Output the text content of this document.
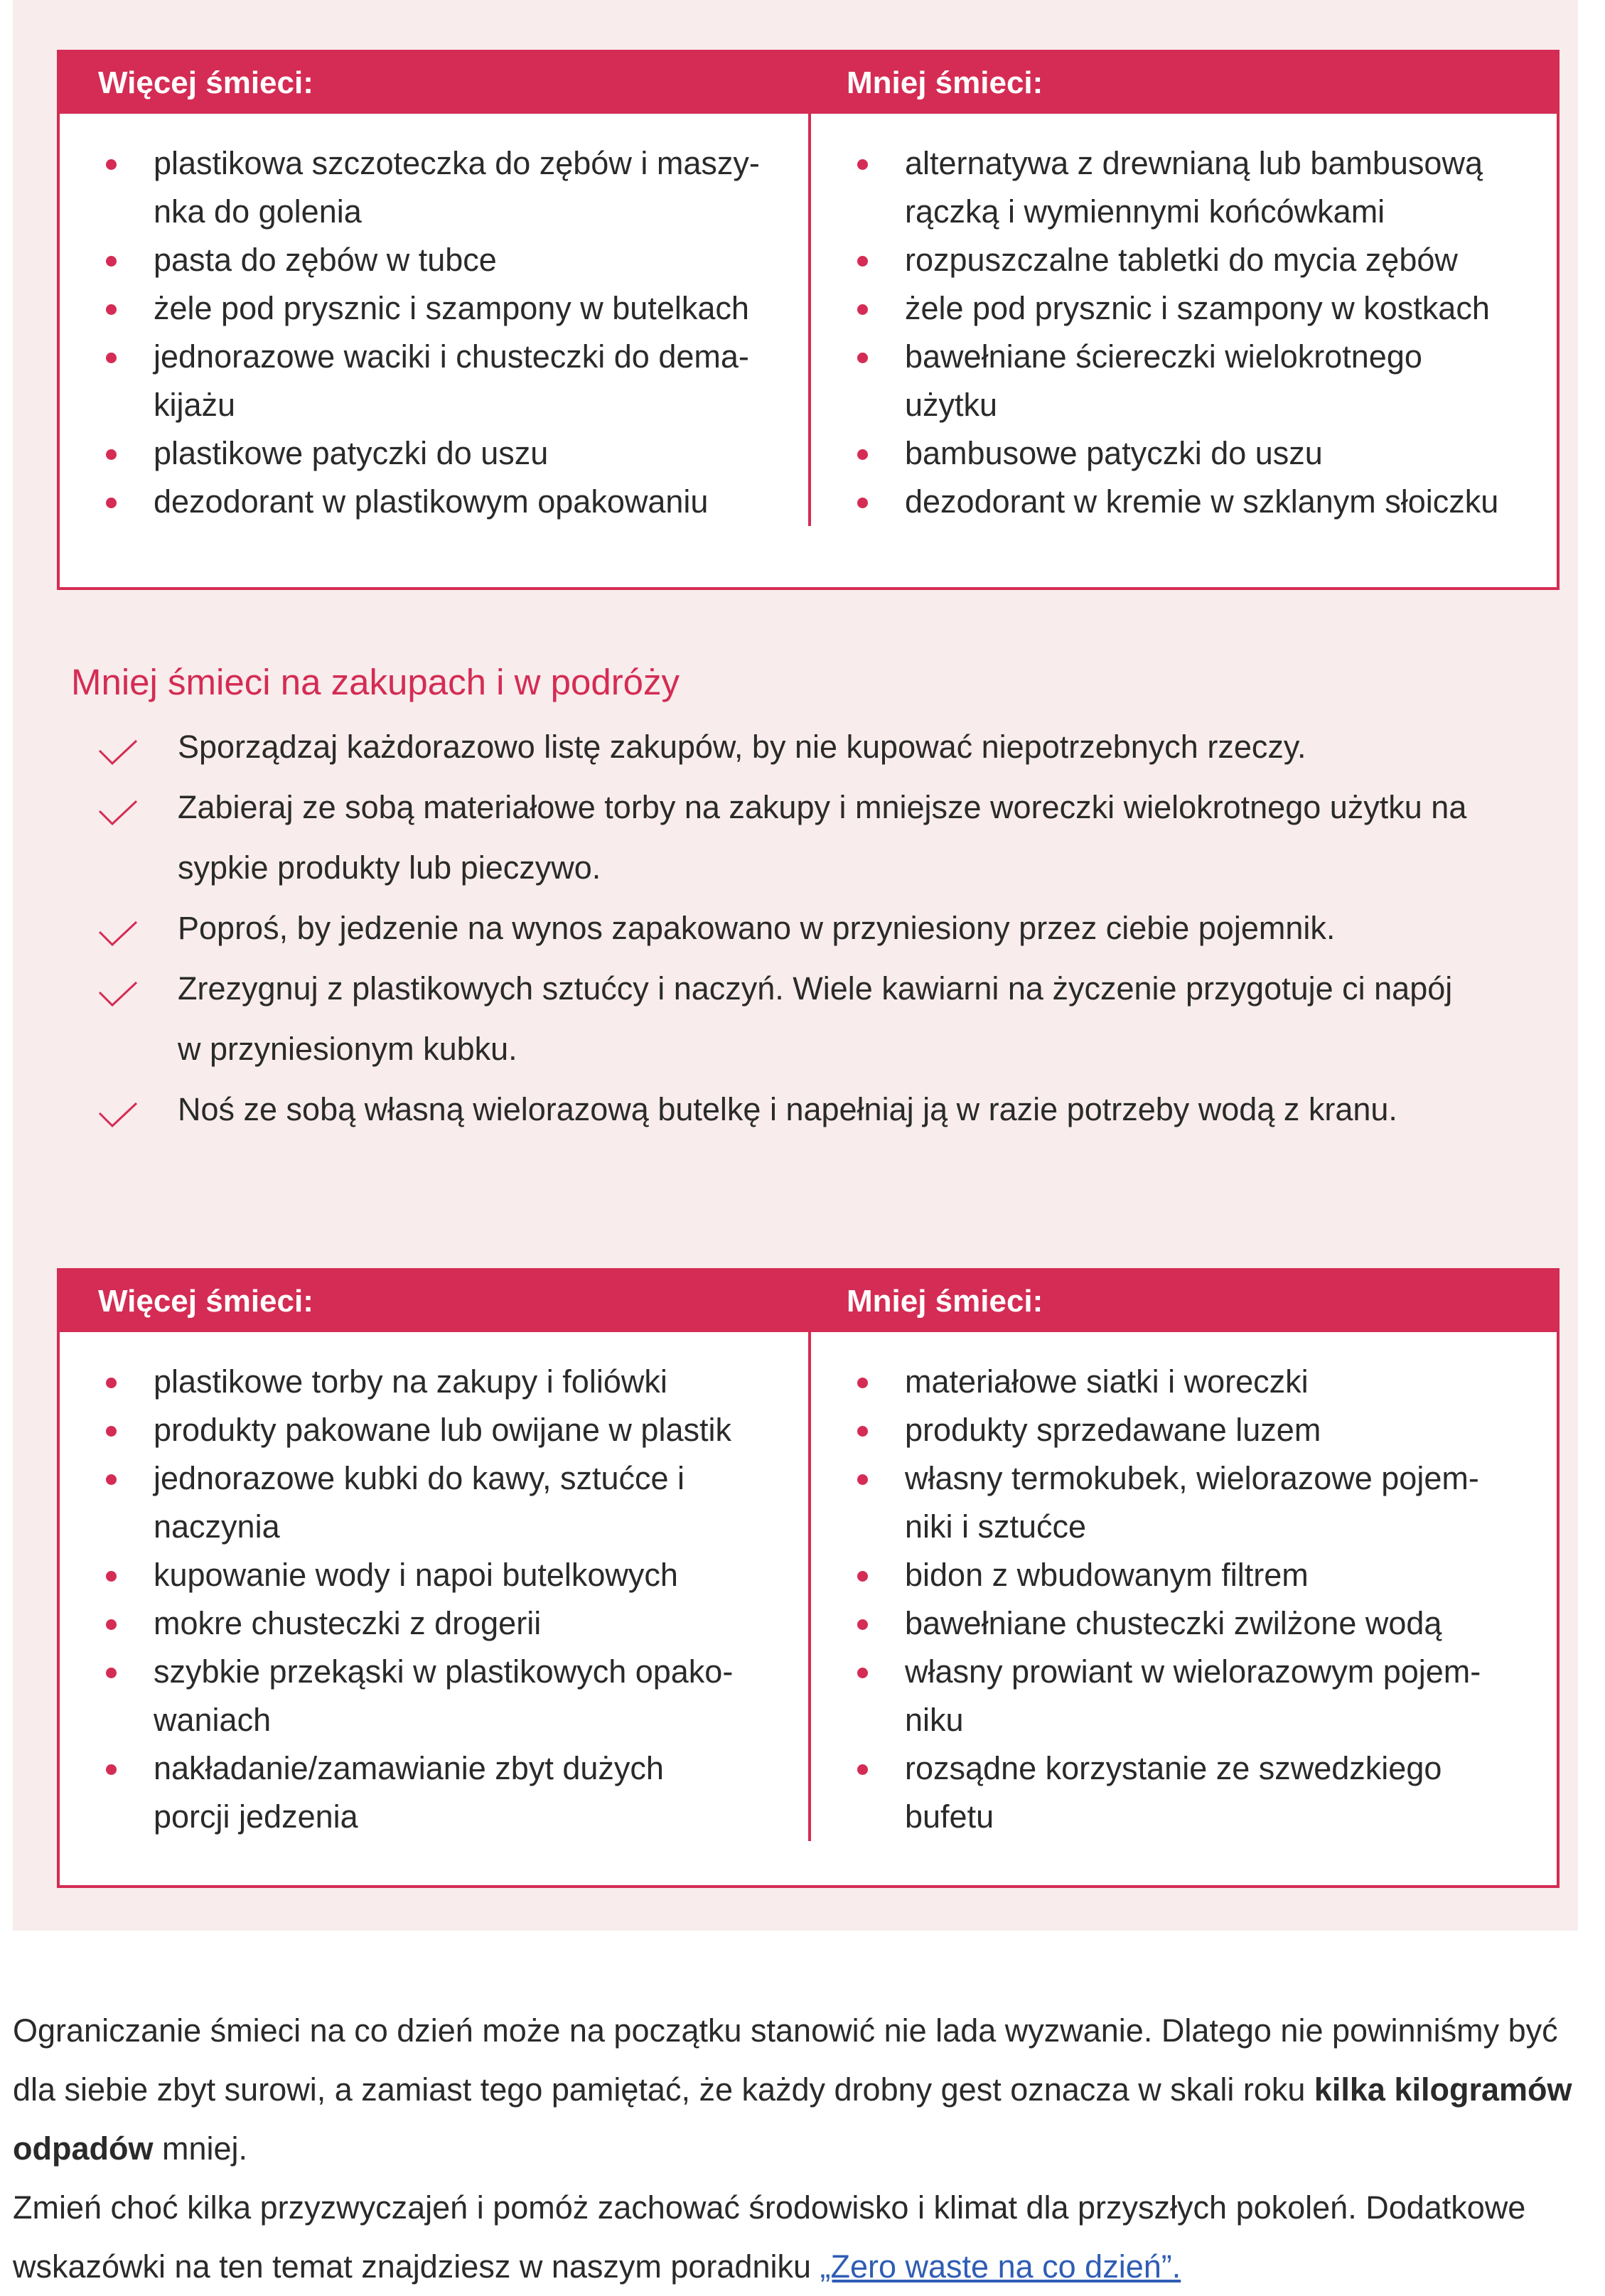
Więcej śmieci:	Mniej śmieci:
plastikowa szczoteczka do zębów i maszy-
nka do golenia
pasta do zębów w tubce
żele pod prysznic i szampony w butelkach
jednorazowe waciki i chusteczki do dema-
kijażu
plastikowe patyczki do uszu
dezodorant w plastikowym opakowaniu
alternatywa z drewnianą lub bambusową
rączką i wymiennymi końcówkami
rozpuszczalne tabletki do mycia zębów
żele pod prysznic i szampony w kostkach
bawełniane ściereczki wielokrotnego
użytku
bambusowe patyczki do uszu
dezodorant w kremie w szklanym słoiczku
Mniej śmieci na zakupach i w podróży
Sporządzaj każdorazowo listę zakupów, by nie kupować niepotrzebnych rzeczy.
Zabieraj ze sobą materiałowe torby na zakupy i mniejsze woreczki wielokrotnego użytku na
sypkie produkty lub pieczywo.
Poproś, by jedzenie na wynos zapakowano w przyniesiony przez ciebie pojemnik.
Zrezygnuj z plastikowych sztućcy i naczyń. Wiele kawiarni na życzenie przygotuje ci napój
w przyniesionym kubku.
Noś ze sobą własną wielorazową butelkę i napełniaj ją w razie potrzeby wodą z kranu.
Więcej śmieci:	Mniej śmieci:
plastikowe torby na zakupy i foliówki
produkty pakowane lub owijane w plastik
jednorazowe kubki do kawy, sztućce i
naczynia
kupowanie wody i napoi butelkowych
mokre chusteczki z drogerii
szybkie przekąski w plastikowych opako-
waniach
nakładanie/zamawianie zbyt dużych
porcji jedzenia
materiałowe siatki i woreczki
produkty sprzedawane luzem
własny termokubek, wielorazowe pojem-
niki i sztućce
bidon z wbudowanym filtrem
bawełniane chusteczki zwilżone wodą
własny prowiant w wielorazowym pojem-
niku
rozsądne korzystanie ze szwedzkiego
bufetu

Ograniczanie śmieci na co dzień może na początku stanowić nie lada wyzwanie. Dlatego nie powinniśmy być dla siebie zbyt surowi, a zamiast tego pamiętać, że każdy drobny gest oznacza w skali roku kilka kilogramów odpadów mniej.

Zmień choć kilka przyzwyczajeń i pomóż zachować środowisko i klimat dla przyszłych pokoleń. Dodatkowe wskazówki na ten temat znajdziesz w naszym poradniku „Zero waste na co dzień”.
